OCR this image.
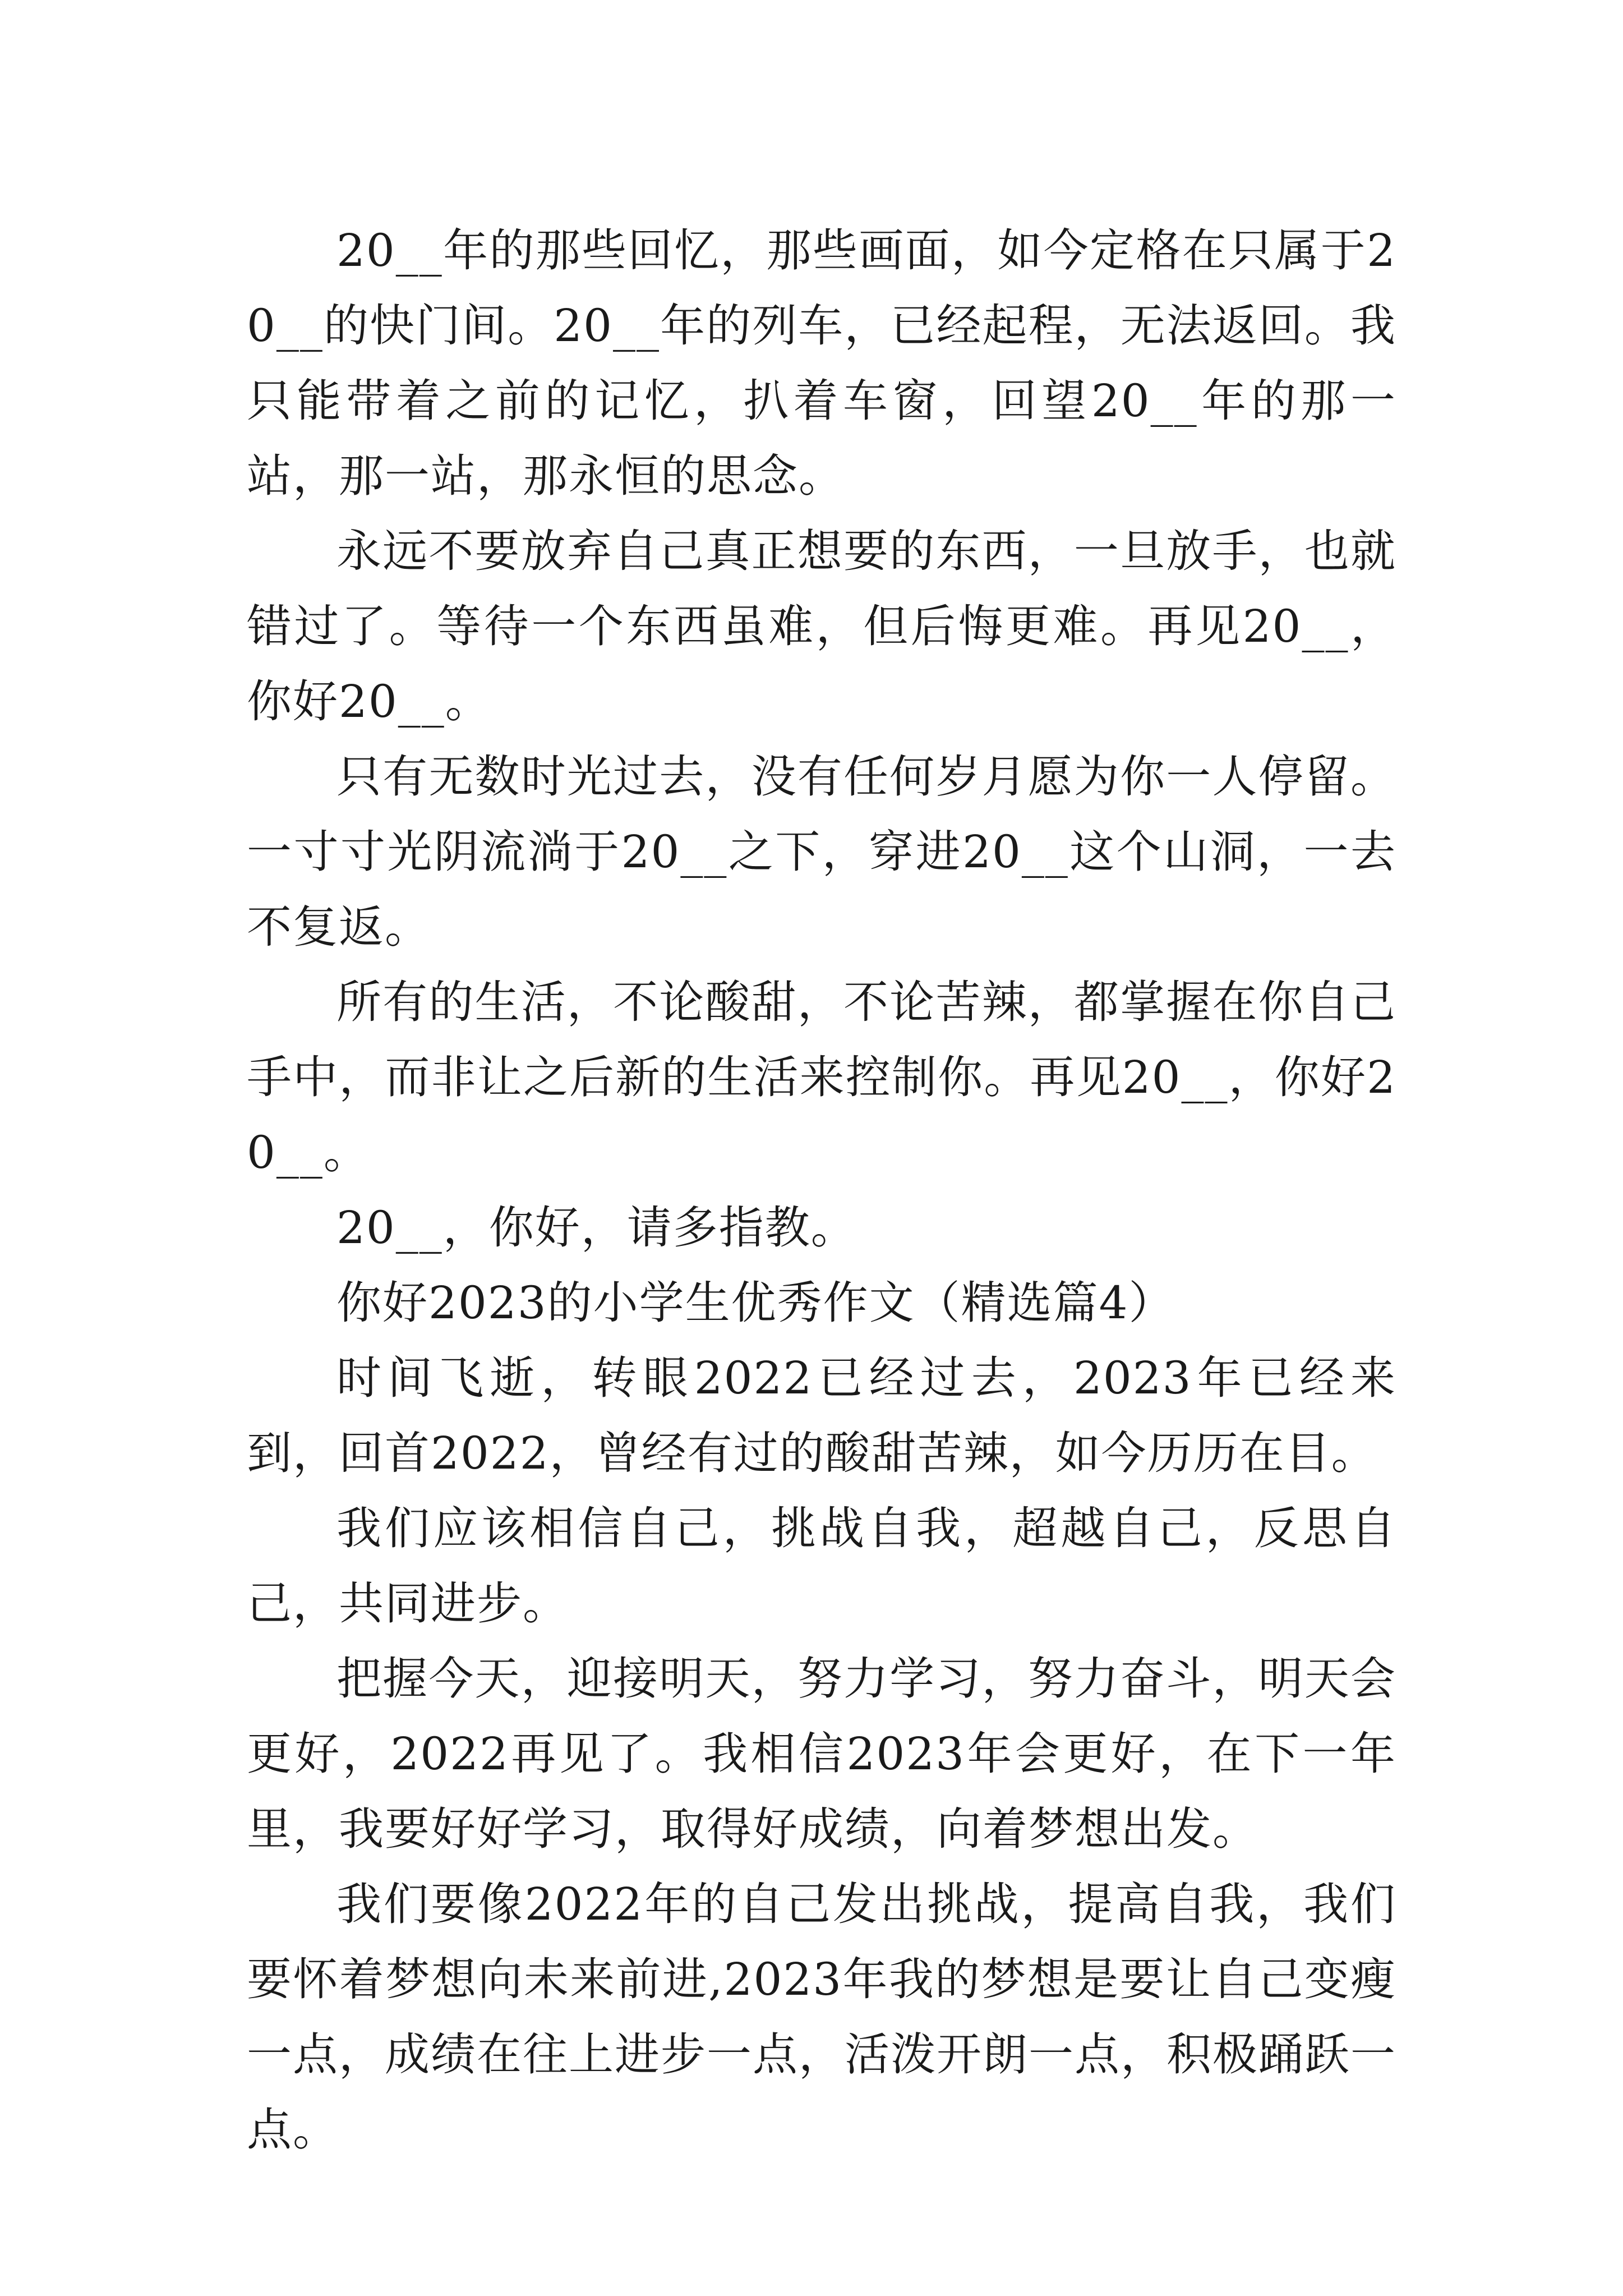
20__年的那些回忆，那些画面，如今定格在只属于20__的快门间。20__年的列车，已经起程，无法返回。我只能带着之前的记忆，扒着车窗，回望20__年的那一站，那一站，那永恒的思念。

永远不要放弃自己真正想要的东西，一旦放手，也就错过了。等待一个东西虽难，但后悔更难。再见20__，你好20__。

只有无数时光过去，没有任何岁月愿为你一人停留。一寸寸光阴流淌于20__之下，穿进20__这个山洞，一去不复返。

所有的生活，不论酸甜，不论苦辣，都掌握在你自己手中，而非让之后新的生活来控制你。再见20__，你好20__。

20__，你好，请多指教。

你好2023的小学生优秀作文（精选篇4）

时间飞逝，转眼2022已经过去，2023年已经来到，回首2022，曾经有过的酸甜苦辣，如今历历在目。

我们应该相信自己，挑战自我，超越自己，反思自己，共同进步。

把握今天，迎接明天，努力学习，努力奋斗，明天会更好，2022再见了。我相信2023年会更好，在下一年里，我要好好学习，取得好成绩，向着梦想出发。

我们要像2022年的自己发出挑战，提高自我，我们要怀着梦想向未来前进,2023年我的梦想是要让自己变瘦一点，成绩在往上进步一点，活泼开朗一点，积极踊跃一点。
